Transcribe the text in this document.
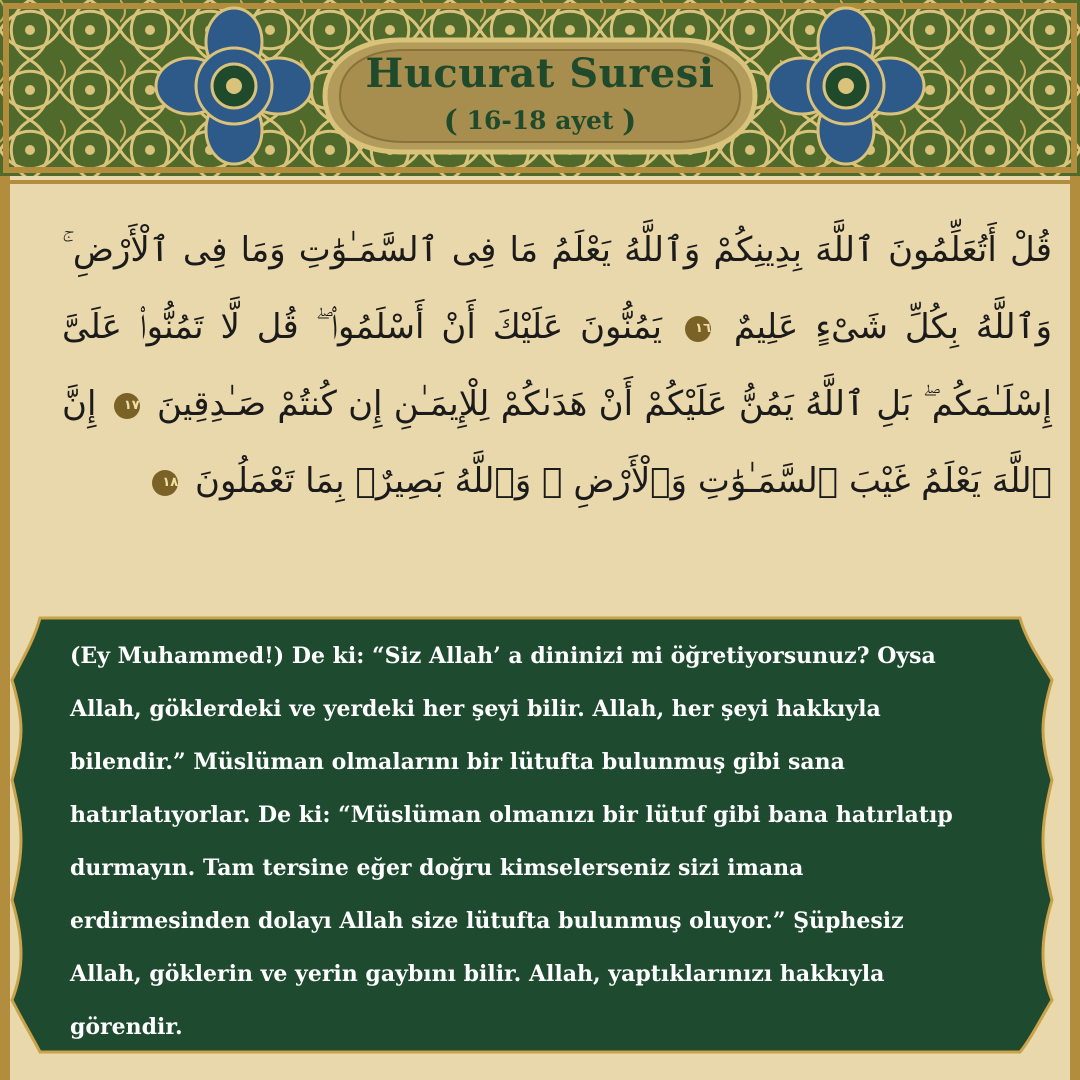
Hucurat Suresi
( 16-18 ayet )
قُلْ أَتُعَلِّمُونَ ٱللَّهَ بِدِينِكُمْ وَٱللَّهُ يَعْلَمُ مَا فِى ٱلسَّمَـٰوَٰتِ وَمَا فِى ٱلْأَرْضِ ۚ وَٱللَّهُ بِكُلِّ شَىْءٍ عَلِيمٌ ١٦ يَمُنُّونَ عَلَيْكَ أَنْ أَسْلَمُوا۟ ۖ قُل لَّا تَمُنُّوا۟ عَلَىَّ إِسْلَـٰمَكُم ۖ بَلِ ٱللَّهُ يَمُنُّ عَلَيْكُمْ أَنْ هَدَىٰكُمْ لِلْإِيمَـٰنِ إِن كُنتُمْ صَـٰدِقِينَ ١٧ إِنَّ ٱللَّهَ يَعْلَمُ غَيْبَ ٱلسَّمَـٰوَٰتِ وَٱلْأَرْضِ ۚ وَٱللَّهُ بَصِيرٌۢ بِمَا تَعْمَلُونَ ١٨
(Ey Muhammed!) De ki: “Siz Allah’ a dininizi mi öğretiyorsunuz? Oysa
Allah, göklerdeki ve yerdeki her şeyi bilir. Allah, her şeyi hakkıyla
bilendir.” Müslüman olmalarını bir lütufta bulunmuş gibi sana
hatırlatıyorlar. De ki: “Müslüman olmanızı bir lütuf gibi bana hatırlatıp
durmayın. Tam tersine eğer doğru kimselerseniz sizi imana
erdirmesinden dolayı Allah size lütufta bulunmuş oluyor.” Şüphesiz
Allah, göklerin ve yerin gaybını bilir. Allah, yaptıklarınızı hakkıyla
görendir.
